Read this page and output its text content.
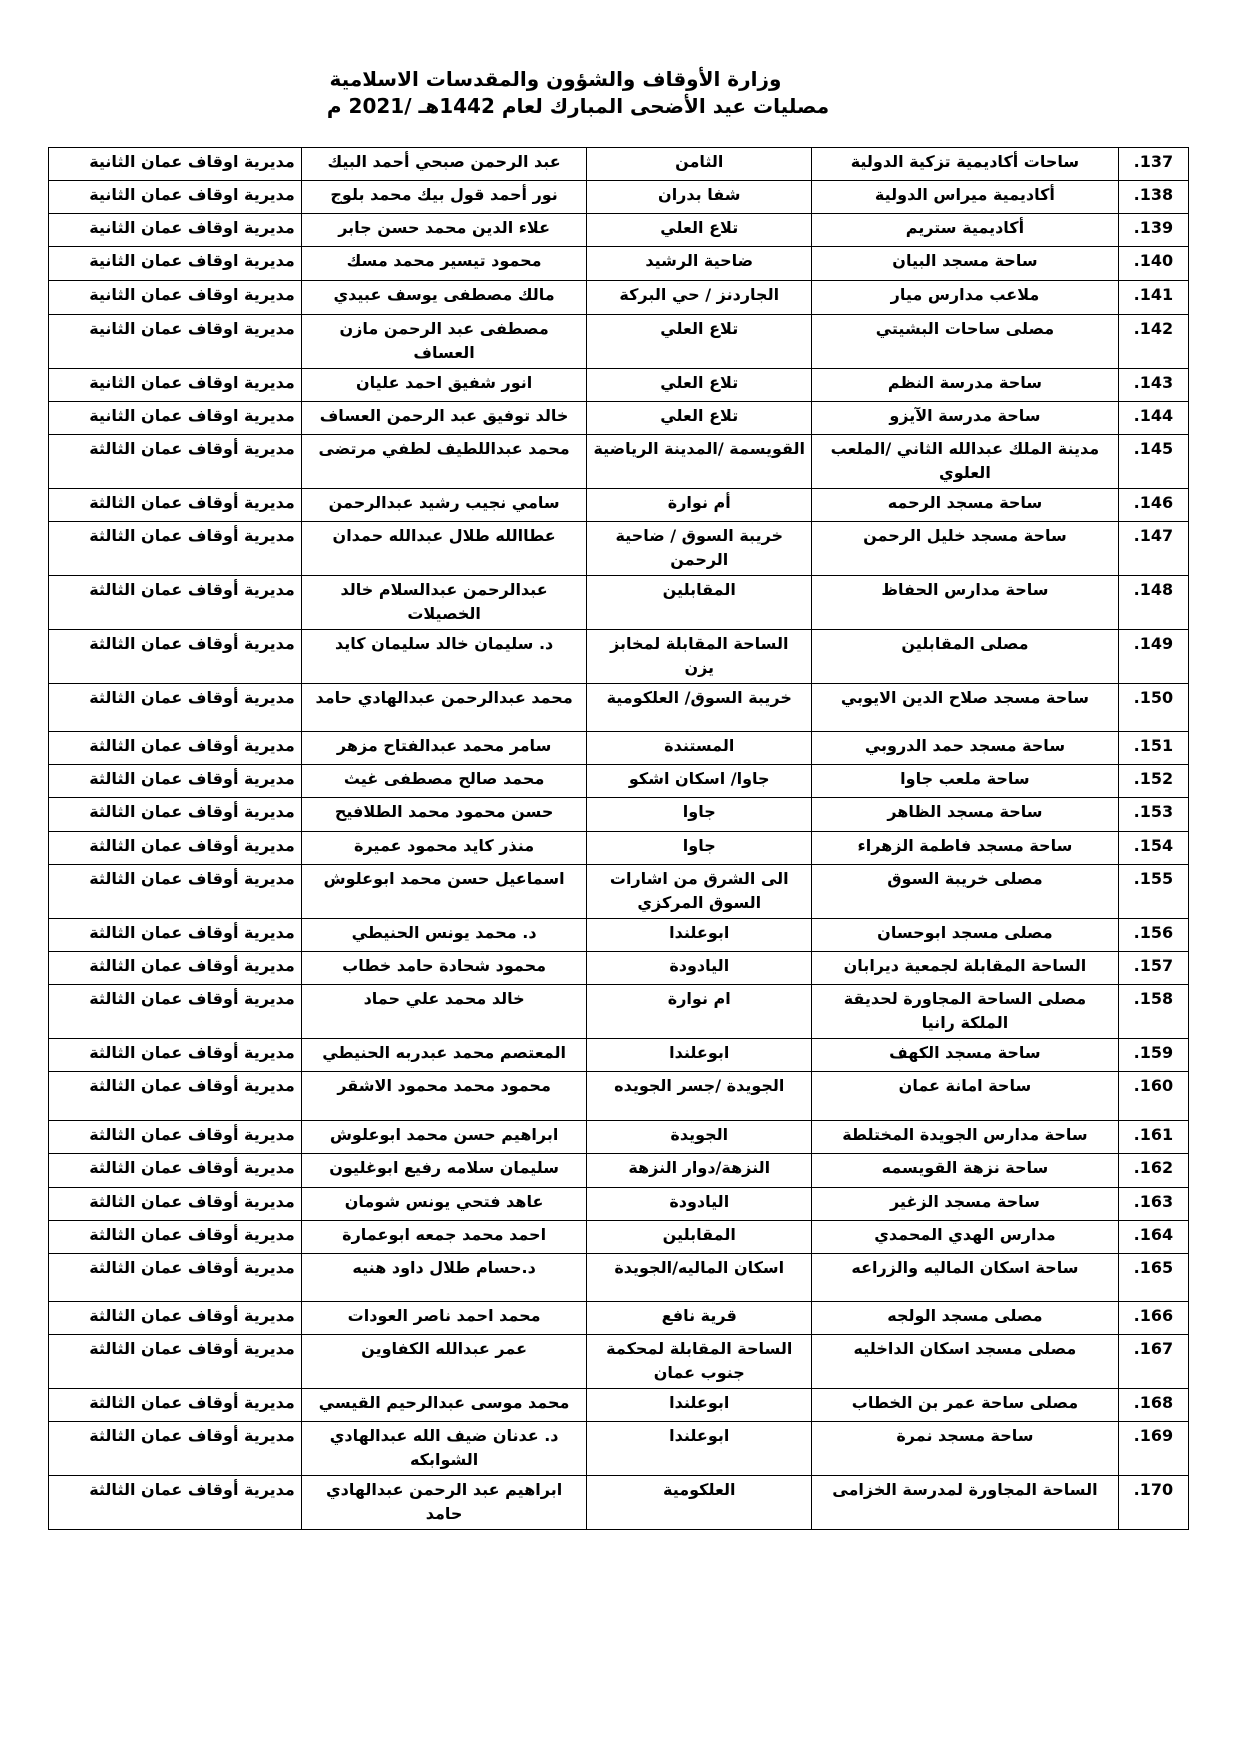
وزارة الأوقاف والشؤون والمقدسات الاسلامية
مصليات عيد الأضحى المبارك لعام 1442هـ /2021 م
مديرية اوقاف عمان الثانية	عبد الرحمن صبحي أحمد البيك	الثامن	ساحات أكاديمية تزكية الدولية	.137
مديرية اوقاف عمان الثانية	نور أحمد قول بيك محمد بلوج	شفا بدران	أكاديمية ميراس الدولية	.138
مديرية اوقاف عمان الثانية	علاء الدين محمد حسن جابر	تلاع العلي	أكاديمية ستريم	.139
مديرية اوقاف عمان الثانية	محمود تيسير محمد مسك	ضاحية الرشيد	ساحة مسجد البيان	.140
مديرية اوقاف عمان الثانية	مالك مصطفى يوسف عبيدي	الجاردنز / حي البركة	ملاعب مدارس ميار	.141
مديرية اوقاف عمان الثانية	مصطفى عبد الرحمن مازن العساف	تلاع العلي	مصلى ساحات البشيتي	.142
مديرية اوقاف عمان الثانية	انور شفيق احمد عليان	تلاع العلي	ساحة مدرسة النظم	.143
مديرية اوقاف عمان الثانية	خالد توفيق عبد الرحمن العساف	تلاع العلي	ساحة مدرسة الآيزو	.144
مديرية أوقاف عمان الثالثة	محمد عبداللطيف لطفي مرتضى	القويسمة /المدينة الرياضية	مدينة الملك عبدالله الثاني /الملعب العلوي	.145
مديرية أوقاف عمان الثالثة	سامي نجيب رشيد عبدالرحمن	أم نوارة	ساحة مسجد الرحمه	.146
مديرية أوقاف عمان الثالثة	عطاالله طلال عبدالله حمدان	خريبة السوق / ضاحية الرحمن	ساحة مسجد خليل الرحمن	.147
مديرية أوقاف عمان الثالثة	عبدالرحمن عبدالسلام خالد الخصيلات	المقابلين	ساحة مدارس الحفاظ	.148
مديرية أوقاف عمان الثالثة	د. سليمان خالد سليمان كايد	الساحة المقابلة لمخابز يزن	مصلى المقابلين	.149
مديرية أوقاف عمان الثالثة	محمد عبدالرحمن عبدالهادي حامد	خريبة السوق/ العلكومية	ساحة مسجد صلاح الدين الايوبي	.150
مديرية أوقاف عمان الثالثة	سامر محمد عبدالفتاح مزهر	المستندة	ساحة مسجد حمد الدروبي	.151
مديرية أوقاف عمان الثالثة	محمد صالح مصطفى غيث	جاوا/ اسكان اشكو	ساحة ملعب جاوا	.152
مديرية أوقاف عمان الثالثة	حسن محمود محمد الطلافيح	جاوا	ساحة مسجد الظاهر	.153
مديرية أوقاف عمان الثالثة	منذر كايد محمود عميرة	جاوا	ساحة مسجد فاطمة الزهراء	.154
مديرية أوقاف عمان الثالثة	اسماعيل حسن محمد ابوعلوش	الى الشرق من اشارات السوق المركزي	مصلى خريبة السوق	.155
مديرية أوقاف عمان الثالثة	د. محمد يونس الحنيطي	ابوعلندا	مصلى مسجد ابوحسان	.156
مديرية أوقاف عمان الثالثة	محمود شحادة حامد خطاب	اليادودة	الساحة المقابلة لجمعية ديرابان	.157
مديرية أوقاف عمان الثالثة	خالد محمد علي حماد	ام نوارة	مصلى الساحة المجاورة لحديقة الملكة رانيا	.158
مديرية أوقاف عمان الثالثة	المعتصم محمد عبدربه الحنيطي	ابوعلندا	ساحة مسجد الكهف	.159
مديرية أوقاف عمان الثالثة	محمود محمد محمود الاشقر	الجويدة /جسر الجويده	ساحة امانة عمان	.160
مديرية أوقاف عمان الثالثة	ابراهيم حسن محمد ابوعلوش	الجويدة	ساحة مدارس الجويدة المختلطة	.161
مديرية أوقاف عمان الثالثة	سليمان سلامه رفيع ابوغليون	النزهة/دوار النزهة	ساحة نزهة القويسمه	.162
مديرية أوقاف عمان الثالثة	عاهد فتحي يونس شومان	اليادودة	ساحة مسجد الزغير	.163
مديرية أوقاف عمان الثالثة	احمد محمد جمعه ابوعمارة	المقابلين	مدارس الهدي المحمدي	.164
مديرية أوقاف عمان الثالثة	د.حسام طلال داود هنيه	اسكان الماليه/الجويدة	ساحة اسكان الماليه والزراعه	.165
مديرية أوقاف عمان الثالثة	محمد احمد ناصر العودات	قرية نافع	مصلى مسجد الولجه	.166
مديرية أوقاف عمان الثالثة	عمر عبدالله الكفاوين	الساحة المقابلة لمحكمة جنوب عمان	مصلى مسجد اسكان الداخليه	.167
مديرية أوقاف عمان الثالثة	محمد موسى عبدالرحيم القيسي	ابوعلندا	مصلى ساحة عمر بن الخطاب	.168
مديرية أوقاف عمان الثالثة	د. عدنان ضيف الله عبدالهادي الشوابكه	ابوعلندا	ساحة مسجد نمرة	.169
مديرية أوقاف عمان الثالثة	ابراهيم عبد الرحمن عبدالهادي حامد	العلكومية	الساحة المجاورة لمدرسة الخزامى	.170
